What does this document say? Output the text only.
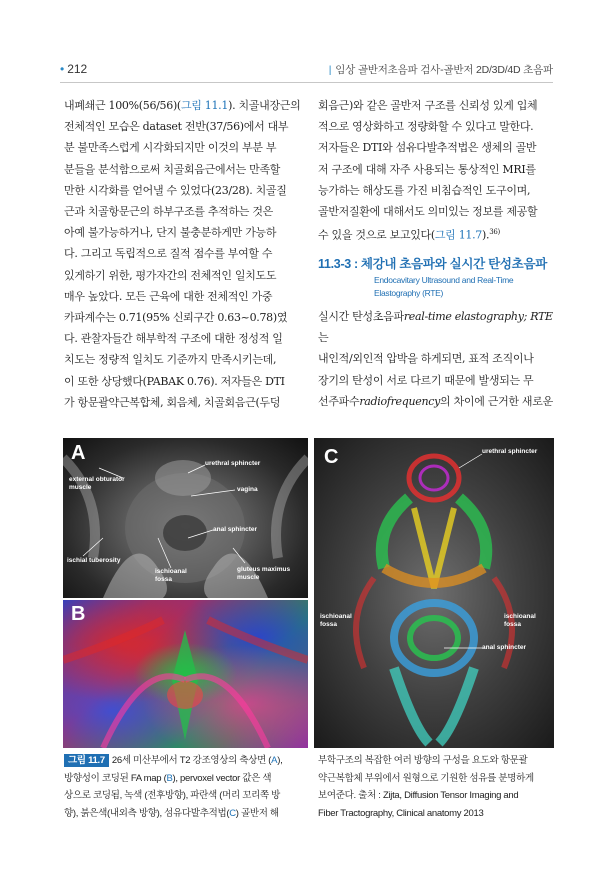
• 212	| 임상 골반저초음파 검사-골반저 2D/3D/4D 초음파

내폐쇄근 100%(56/56)(그림 11.1). 치골내장근의

전체적인 모습은 dataset 전반(37/56)에서 대부

분 불만족스럽게 시각화되지만 이것의 부분 부

분들을 분석함으로써 치골회음근에서는 만족할

만한 시각화를 얻어낼 수 있었다(23/28). 치골질

근과 치골항문근의 하부구조를 추적하는 것은

아예 불가능하거나, 단지 불충분하게만 가능하

다. 그리고 독립적으로 질적 점수를 부여할 수

있게하기 위한, 평가자간의 전체적인 일치도도

매우 높았다. 모든 근육에 대한 전체적인 가중

카파계수는 0.71(95% 신뢰구간 0.63~0.78)였

다. 관찰자들간 해부학적 구조에 대한 정성적 일

치도는 정량적 일치도 기준까지 만족시키는데,

이 또한 상당했다(PABAK 0.76). 저자들은 DTI

가 항문괄약근복합체, 회음체, 치골회음근(두덩

회음근)와 같은 골반저 구조를 신뢰성 있게 입체

적으로 영상화하고 정량화할 수 있다고 말한다.

저자들은 DTI와 섬유다발추적법은 생체의 골반

저 구조에 대해 자주 사용되는 통상적인 MRI를

능가하는 해상도를 가진 비침습적인 도구이며,

골반저질환에 대해서도 의미있는 정보를 제공할

수 있을 것으로 보고있다(그림 11.7).$^{36)}$

11.3-3 : 체강내 초음파와 실시간 탄성초음파
Endocavitary Ultrasound and Real-Time
Elastography (RTE)

실시간 탄성초음파real-time elastography; RTE는

내인적/외인적 압박을 하게되면, 표적 조직이나

장기의 탄성이 서로 다르기 때문에 발생되는 무

선주파수radiofrequency의 차이에 근거한 새로운

A
external obturator
muscle
urethral sphincter
vagina
anal sphincter
ischial tuberosity
ischioanal
fossa
gluteus maximus
muscle
B
C	urethral sphincter
ischioanal
fossa
ischioanal
fossa
anal sphincter
그림 11.7 26세 미산부에서 T2 강조영상의 축상면 (A),
방향성이 코딩된 FA map (B), pervoxel vector 값은 색
상으로 코딩됨, 녹색 (전후방향), 파란색 (머리 꼬리쪽 방
향), 붉은색(내외측 방향), 섬유다발추적법(C) 골반저 해
부학구조의 복잡한 여러 방향의 구성을 요도와 항문괄
약근복합체 부위에서 원형으로 기원한 섬유를 분명하게
보여준다. 출처 : Zijta, Diffusion Tensor Imaging and
Fiber Tractography, Clinical anatomy 2013
